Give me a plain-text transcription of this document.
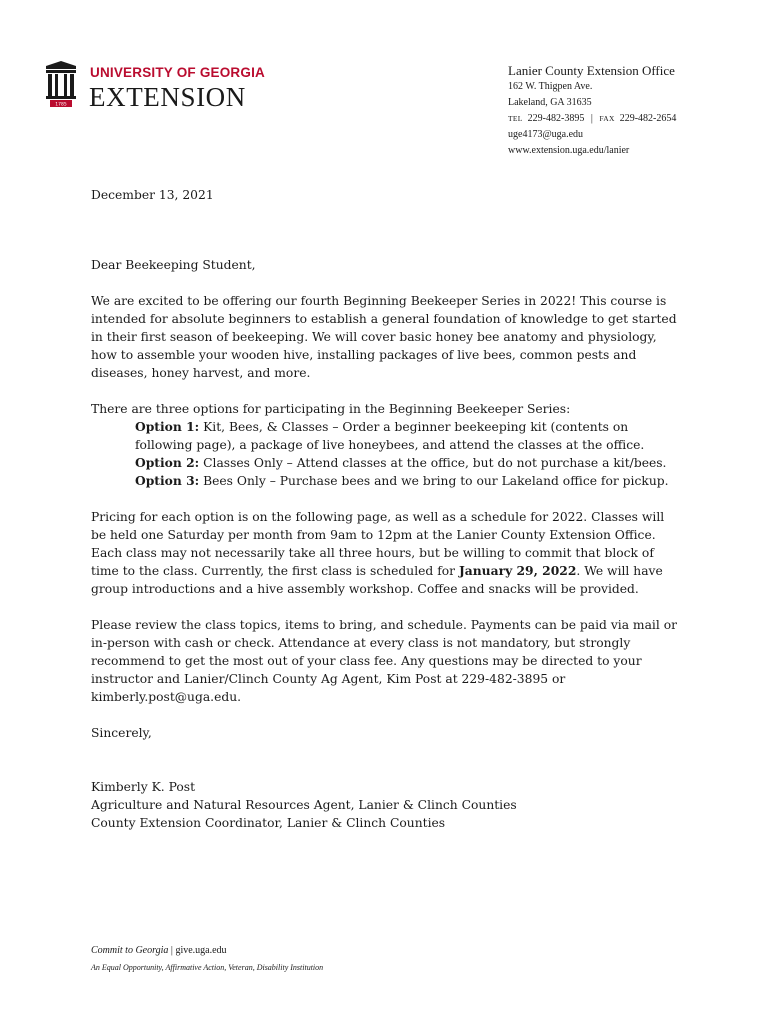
1785
UNIVERSITY OF GEORGIA
EXTENSION
Lanier County Extension Office
162 W. Thigpen Ave.
Lakeland, GA 31635
TEL 229-482-3895 | FAX 229-482-2654
uge4173@uga.edu
www.extension.uga.edu/lanier

December 13, 2021

Dear Beekeeping Student,

We are excited to be offering our fourth Beginning Beekeeper Series in 2022! This course is intended for absolute beginners to establish a general foundation of knowledge to get started in their first season of beekeeping. We will cover basic honey bee anatomy and physiology, how to assemble your wooden hive, installing packages of live bees, common pests and diseases, honey harvest, and more.

There are three options for participating in the Beginning Beekeeper Series:

Option 1: Kit, Bees, & Classes – Order a beginner beekeeping kit (contents on following page), a package of live honeybees, and attend the classes at the office.
Option 2: Classes Only – Attend classes at the office, but do not purchase a kit/bees.
Option 3: Bees Only – Purchase bees and we bring to our Lakeland office for pickup.

Pricing for each option is on the following page, as well as a schedule for 2022. Classes will be held one Saturday per month from 9am to 12pm at the Lanier County Extension Office. Each class may not necessarily take all three hours, but be willing to commit that block of time to the class. Currently, the first class is scheduled for January 29, 2022. We will have group introductions and a hive assembly workshop. Coffee and snacks will be provided.

Please review the class topics, items to bring, and schedule. Payments can be paid via mail or in-person with cash or check. Attendance at every class is not mandatory, but strongly recommend to get the most out of your class fee. Any questions may be directed to your instructor and Lanier/Clinch County Ag Agent, Kim Post at 229-482-3895 or kimberly.post@uga.edu.

Sincerely,

Kimberly K. Post
Agriculture and Natural Resources Agent, Lanier & Clinch Counties
County Extension Coordinator, Lanier & Clinch Counties
Commit to Georgia | give.uga.edu
An Equal Opportunity, Affirmative Action, Veteran, Disability Institution
